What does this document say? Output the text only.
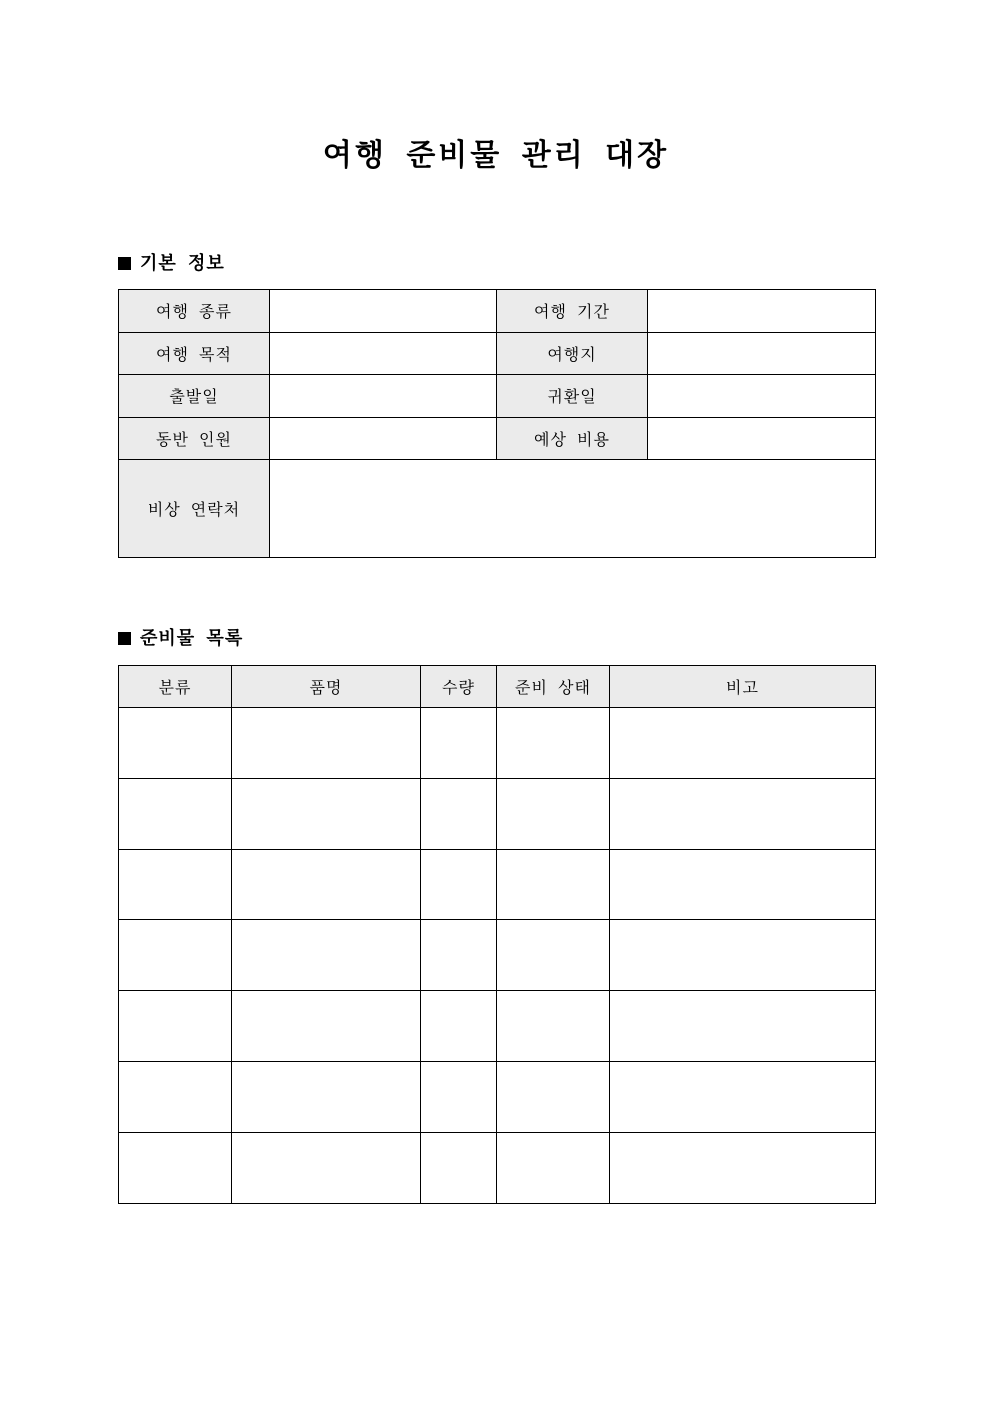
여행 준비물 관리 대장
기본 정보
여행 종류		여행 기간	
여행 목적		여행지	
출발일		귀환일	
동반 인원		예상 비용	
비상 연락처			
준비물 목록
분류	품명	수량	준비 상태	비고
